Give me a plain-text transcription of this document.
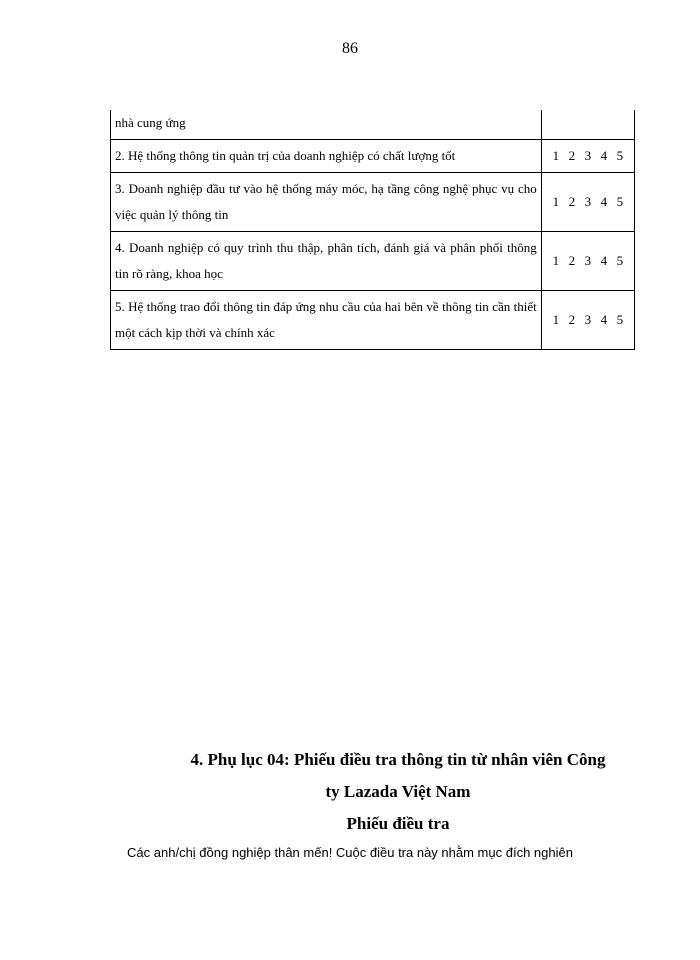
86
nhà cung ứng	
2. Hệ thống thông tin quản trị của doanh nghiệp có chất lượng tốt	1 2 3 4 5
3. Doanh nghiệp đầu tư vào hệ thống máy móc, hạ tầng công nghệ phục vụ cho việc quản lý thông tin	1 2 3 4 5
4. Doanh nghiệp có quy trình thu thập, phân tích, đánh giá và phân phối thông tin rõ ràng, khoa học	1 2 3 4 5
5. Hệ thống trao đổi thông tin đáp ứng nhu cầu của hai bên về thông tin cần thiết một cách kịp thời và chính xác	1 2 3 4 5
4. Phụ lục 04: Phiếu điều tra thông tin từ nhân viên Công
ty Lazada Việt Nam
Phiếu điều tra
Các anh/chị đồng nghiệp thân mến! Cuộc điều tra này nhằm mục đích nghiên
